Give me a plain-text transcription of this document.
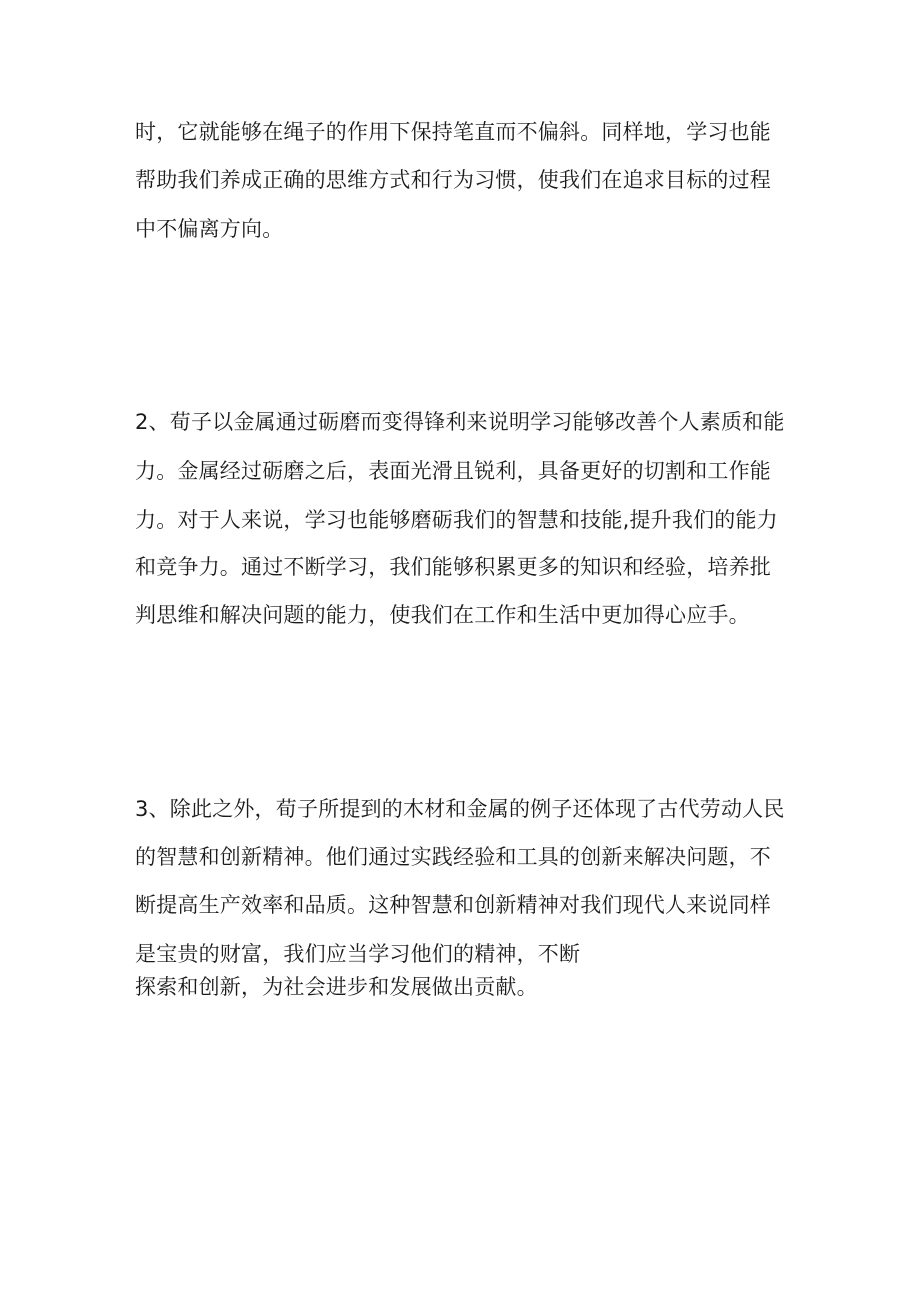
时，它就能够在绳子的作用下保持笔直而不偏斜。同样地，学习也能
帮助我们养成正确的思维方式和行为习惯，使我们在追求目标的过程
中不偏离方向。
2、荀子以金属通过砺磨而变得锋利来说明学习能够改善个人素质和能
力。金属经过砺磨之后，表面光滑且锐利，具备更好的切割和工作能
力。对于人来说，学习也能够磨砺我们的智慧和技能,提升我们的能力
和竞争力。通过不断学习，我们能够积累更多的知识和经验，培养批
判思维和解决问题的能力，使我们在工作和生活中更加得心应手。
3、除此之外，荀子所提到的木材和金属的例子还体现了古代劳动人民
的智慧和创新精神。他们通过实践经验和工具的创新来解决问题，不
断提高生产效率和品质。这种智慧和创新精神对我们现代人来说同样
是宝贵的财富，我们应当学习他们的精神，不断
探索和创新，为社会进步和发展做出贡献。
